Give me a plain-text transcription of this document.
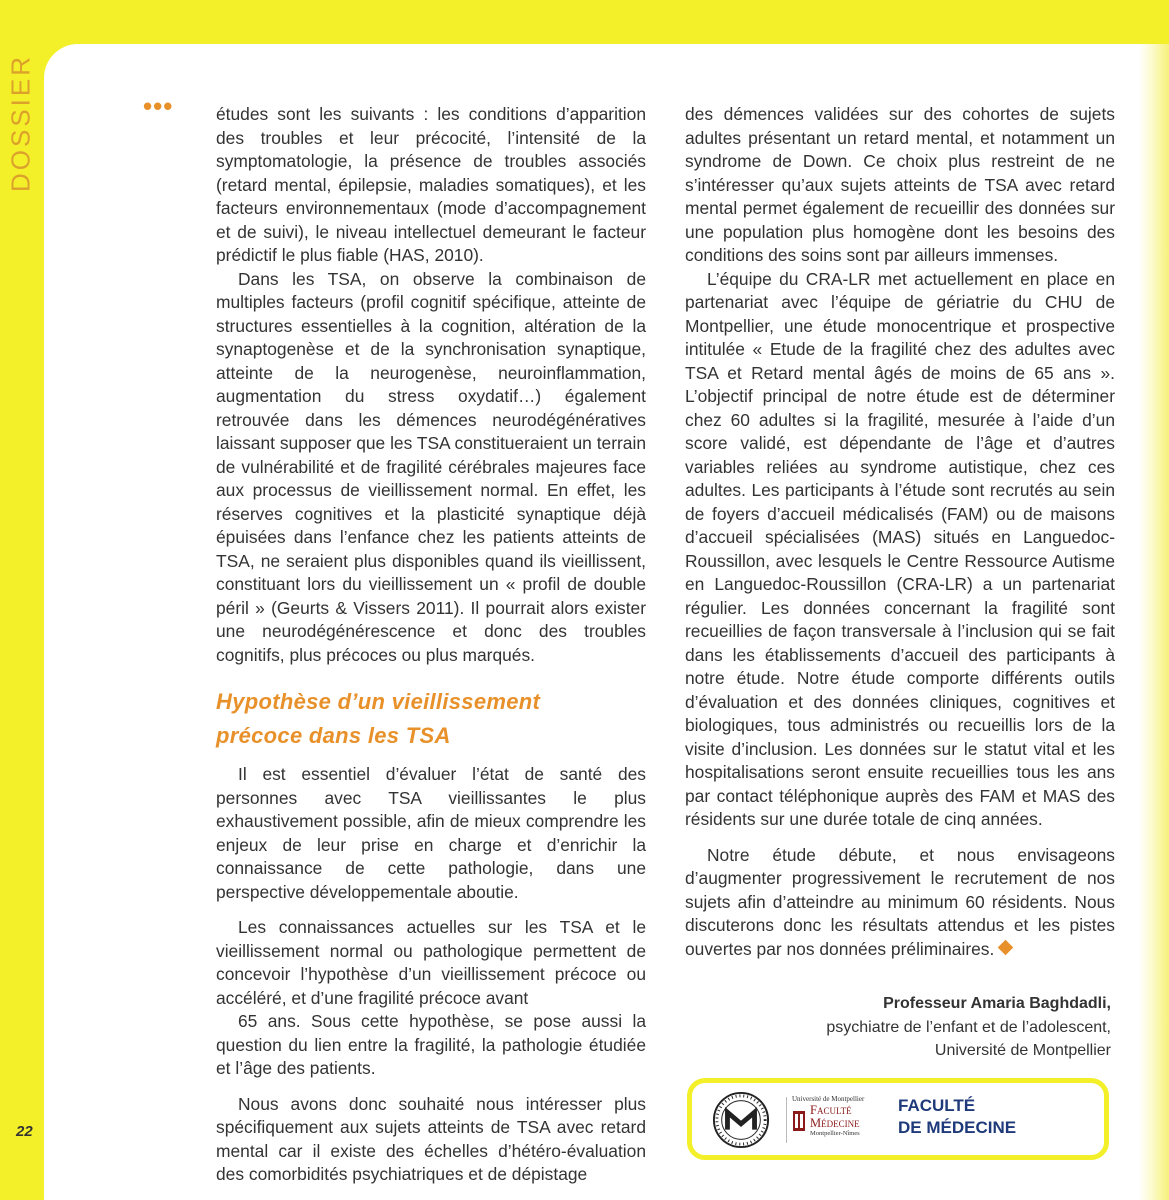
DOSSIER	••• études sont les suivants : les conditions d’apparition des troubles et leur précocité, l’intensité de la symptomatologie, la présence de troubles associés (retard mental, épilepsie, maladies somatiques), et les facteurs environnementaux (mode d’accompagnement et de suivi), le niveau intellectuel demeurant le facteur prédictif le plus fiable (HAS, 2010).

Dans les TSA, on observe la combinaison de multiples facteurs (profil cognitif spécifique, atteinte de structures essentielles à la cognition, altération de la synaptogenèse et de la synchronisation synaptique, atteinte de la neurogenèse, neuroinflammation, augmentation du stress oxydatif…) également retrouvée dans les démences neurodégénératives laissant supposer que les TSA constitueraient un terrain de vulnérabilité et de fragilité cérébrales majeures face aux processus de vieillissement normal. En effet, les réserves cognitives et la plasticité synaptique déjà épuisées dans l’enfance chez les patients atteints de TSA, ne seraient plus disponibles quand ils vieillissent, constituant lors du vieillissement un « profil de double péril » (Geurts & Vissers 2011). Il pourrait alors exister une neurodégénérescence et donc des troubles cognitifs, plus précoces ou plus marqués.

Hypothèse d’un vieillissement
précoce dans les TSA

Il est essentiel d’évaluer l’état de santé des personnes avec TSA vieillissantes le plus exhaustivement possible, afin de mieux comprendre les enjeux de leur prise en charge et d’enrichir la connaissance de cette pathologie, dans une perspective développementale aboutie.

Les connaissances actuelles sur les TSA et le vieillissement normal ou pathologique permettent de concevoir l’hypothèse d’un vieillissement précoce ou accéléré, et d’une fragilité précoce avant

65 ans. Sous cette hypothèse, se pose aussi la question du lien entre la fragilité, la pathologie étudiée et l’âge des patients.

Nous avons donc souhaité nous intéresser plus spécifiquement aux sujets atteints de TSA avec retard mental car il existe des échelles d’hétéro-évaluation des comorbidités psychiatriques et de dépistage

des démences validées sur des cohortes de sujets adultes présentant un retard mental, et notamment un syndrome de Down. Ce choix plus restreint de ne s’intéresser qu’aux sujets atteints de TSA avec retard mental permet également de recueillir des données sur une population plus homogène dont les besoins des conditions des soins sont par ailleurs immenses.

L’équipe du CRA-LR met actuellement en place en partenariat avec l’équipe de gériatrie du CHU de Montpellier, une étude monocentrique et prospective intitulée « Etude de la fragilité chez des adultes avec TSA et Retard mental âgés de moins de 65 ans ». L’objectif principal de notre étude est de déterminer chez 60 adultes si la fragilité, mesurée à l’aide d’un score validé, est dépendante de l’âge et d’autres variables reliées au syndrome autistique, chez ces adultes. Les participants à l’étude sont recrutés au sein de foyers d’accueil médicalisés (FAM) ou de maisons d’accueil spécialisées (MAS) situés en Languedoc-Roussillon, avec lesquels le Centre Ressource Autisme en Languedoc-Roussillon (CRA-LR) a un partenariat régulier. Les données concernant la fragilité sont recueillies de façon transversale à l’inclusion qui se fait dans les établissements d’accueil des participants à notre étude. Notre étude comporte différents outils d’évaluation et des données cliniques, cognitives et biologiques, tous administrés ou recueillis lors de la visite d’inclusion. Les données sur le statut vital et les hospitalisations seront ensuite recueillies tous les ans par contact téléphonique auprès des FAM et MAS des résidents sur une durée totale de cinq années.

Notre étude débute, et nous envisageons d’augmenter progressivement le recrutement de nos sujets afin d’atteindre au minimum 60 résidents. Nous discuterons donc les résultats attendus et les pistes ouvertes par nos données préliminaires.

Professeur Amaria Baghdadli,
psychiatre de l’enfant et de l’adolescent,
Université de Montpellier
Université de Montpellier
Faculté
Médecine
Montpellier-Nîmes
FACULTÉ
DE MÉDECINE
22
